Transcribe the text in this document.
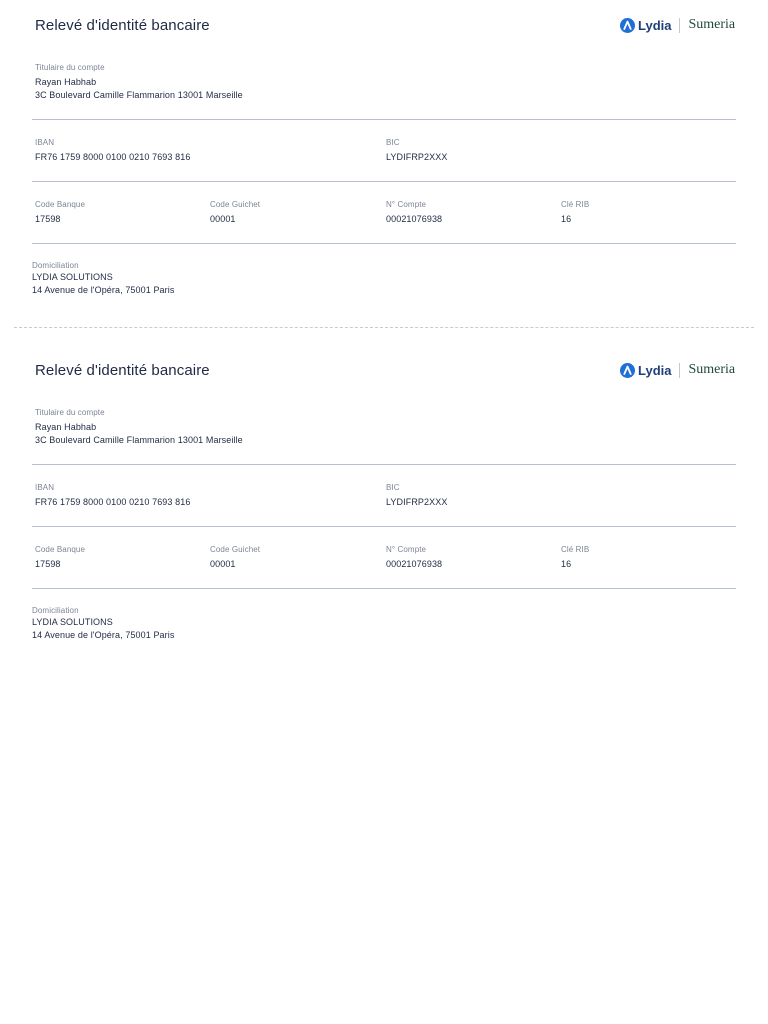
Relevé d'identité bancaire	Lydia Sumeria
Titulaire du compte
Rayan Habhab
3C Boulevard Camille Flammarion 13001 Marseille
IBAN
FR76 1759 8000 0100 0210 7693 816
BIC
LYDIFRP2XXX
Code Banque
17598
Code Guichet
00001
N° Compte
00021076938
Clé RIB
16
Domiciliation
LYDIA SOLUTIONS
14 Avenue de l'Opéra, 75001 Paris
Relevé d'identité bancaire	Lydia Sumeria
Titulaire du compte
Rayan Habhab
3C Boulevard Camille Flammarion 13001 Marseille
IBAN
FR76 1759 8000 0100 0210 7693 816
BIC
LYDIFRP2XXX
Code Banque
17598
Code Guichet
00001
N° Compte
00021076938
Clé RIB
16
Domiciliation
LYDIA SOLUTIONS
14 Avenue de l'Opéra, 75001 Paris
